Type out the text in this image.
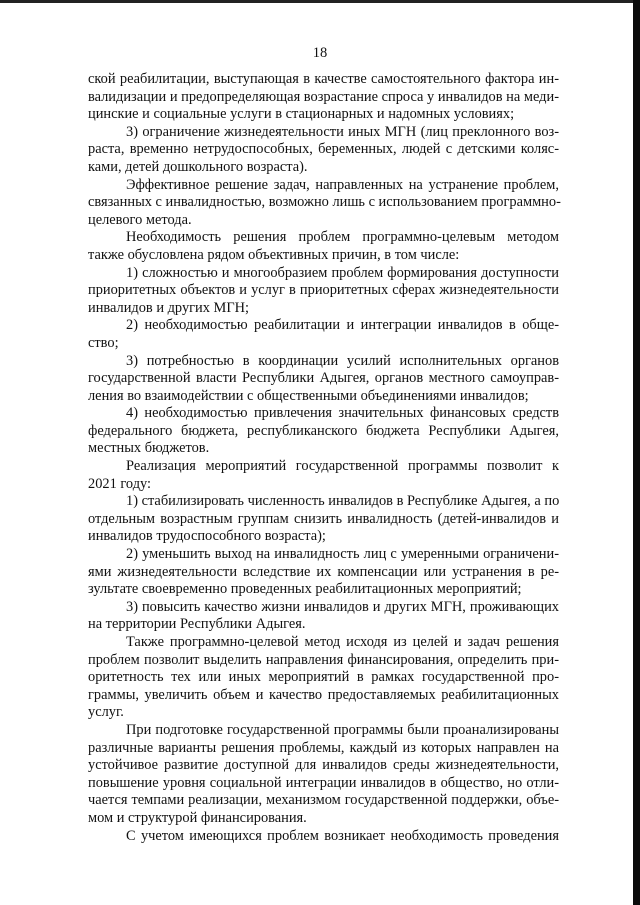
18
ской реабилитации, выступающая в качестве самостоятельного фактора ин-
валидизации и предопределяющая возрастание спроса у инвалидов на меди-
цинские и социальные услуги в стационарных и надомных условиях;
3) ограничение жизнедеятельности иных МГН (лиц преклонного воз-
раста, временно нетрудоспособных, беременных, людей с детскими коляс-
ками, детей дошкольного возраста).
Эффективное решение задач, направленных на устранение проблем,
связанных с инвалидностью, возможно лишь с использованием программно-
целевого метода.
Необходимость решения проблем программно-целевым методом
также обусловлена рядом объективных причин, в том числе:
1) сложностью и многообразием проблем формирования доступности
приоритетных объектов и услуг в приоритетных сферах жизнедеятельности
инвалидов и других МГН;
2) необходимостью реабилитации и интеграции инвалидов в обще-
ство;
3) потребностью в координации усилий исполнительных органов
государственной власти Республики Адыгея, органов местного самоуправ-
ления во взаимодействии с общественными объединениями инвалидов;
4) необходимостью привлечения значительных финансовых средств
федерального бюджета, республиканского бюджета Республики Адыгея,
местных бюджетов.
Реализация мероприятий государственной программы позволит к
2021 году:
1) стабилизировать численность инвалидов в Республике Адыгея, а по
отдельным возрастным группам снизить инвалидность (детей-инвалидов и
инвалидов трудоспособного возраста);
2) уменьшить выход на инвалидность лиц с умеренными ограничени-
ями жизнедеятельности вследствие их компенсации или устранения в ре-
зультате своевременно проведенных реабилитационных мероприятий;
3) повысить качество жизни инвалидов и других МГН, проживающих
на территории Республики Адыгея.
Также программно-целевой метод исходя из целей и задач решения
проблем позволит выделить направления финансирования, определить при-
оритетность тех или иных мероприятий в рамках государственной про-
граммы, увеличить объем и качество предоставляемых реабилитационных
услуг.
При подготовке государственной программы были проанализированы
различные варианты решения проблемы, каждый из которых направлен на
устойчивое развитие доступной для инвалидов среды жизнедеятельности,
повышение уровня социальной интеграции инвалидов в общество, но отли-
чается темпами реализации, механизмом государственной поддержки, объе-
мом и структурой финансирования.
С учетом имеющихся проблем возникает необходимость проведения
